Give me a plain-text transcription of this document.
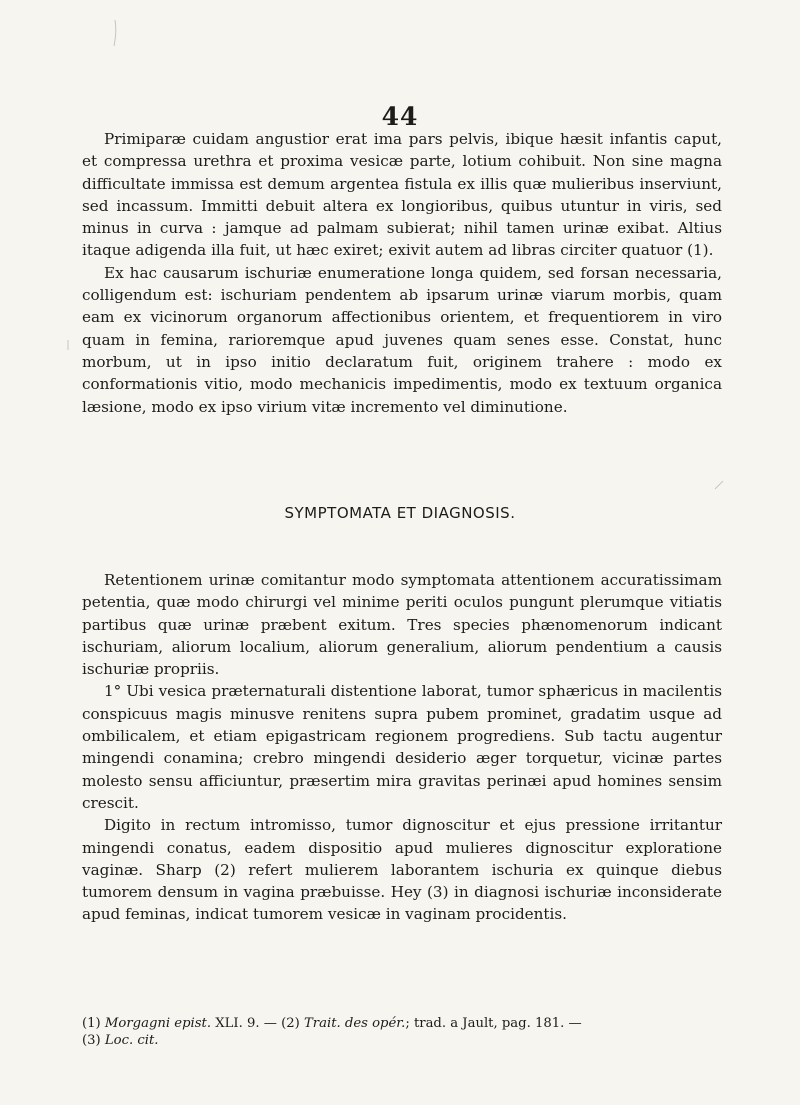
44

Primiparæ cuidam angustior erat ima pars pelvis, ibique hæsit infantis caput, et compressa urethra et proxima vesicæ parte, lotium cohibuit. Non sine magna difficultate immissa est demum argentea fistula ex illis quæ mulieribus inserviunt, sed incassum. Immitti debuit altera ex longioribus, quibus utuntur in viris, sed minus in curva : jamque ad palmam subierat; nihil tamen urinæ exibat. Altius itaque adigenda illa fuit, ut hæc exiret; exivit autem ad libras circiter quatuor (1).

Ex hac causarum ischuriæ enumeratione longa quidem, sed forsan necessaria, colligendum est: ischuriam pendentem ab ipsarum urinæ viarum morbis, quam eam ex vicinorum organorum affectionibus orientem, et frequentiorem in viro quam in femina, rarioremque apud juvenes quam senes esse. Constat, hunc morbum, ut in ipso initio declaratum fuit, originem trahere : modo ex conformationis vitio, modo mechanicis impedimentis, modo ex textuum organica læsione, modo ex ipso virium vitæ incremento vel diminutione.

SYMPTOMATA ET DIAGNOSIS.

Retentionem urinæ comitantur modo symptomata attentionem accuratissimam petentia, quæ modo chirurgi vel minime periti oculos pungunt plerumque vitiatis partibus quæ urinæ præbent exitum. Tres species phænomenorum indicant ischuriam, aliorum localium, aliorum generalium, aliorum pendentium a causis ischuriæ propriis.

1° Ubi vesica præternaturali distentione laborat, tumor sphæricus in macilentis conspicuus magis minusve renitens supra pubem prominet, gradatim usque ad ombilicalem, et etiam epigastricam regionem progrediens. Sub tactu augentur mingendi conamina; crebro mingendi desiderio æger torquetur, vicinæ partes molesto sensu afficiuntur, præsertim mira gravitas perinæi apud homines sensim crescit.

Digito in rectum intromisso, tumor dignoscitur et ejus pressione irritantur mingendi conatus, eadem dispositio apud mulieres dignoscitur exploratione vaginæ. Sharp (2) refert mulierem laborantem ischuria ex quinque diebus tumorem densum in vagina præbuisse. Hey (3) in diagnosi ischuriæ inconsiderate apud feminas, indicat tumorem vesicæ in vaginam procidentis.

(1) Morgagni epist. XLI. 9. — (2) Trait. des opér.; trad. a Jault, pag. 181. —

(3) Loc. cit.
